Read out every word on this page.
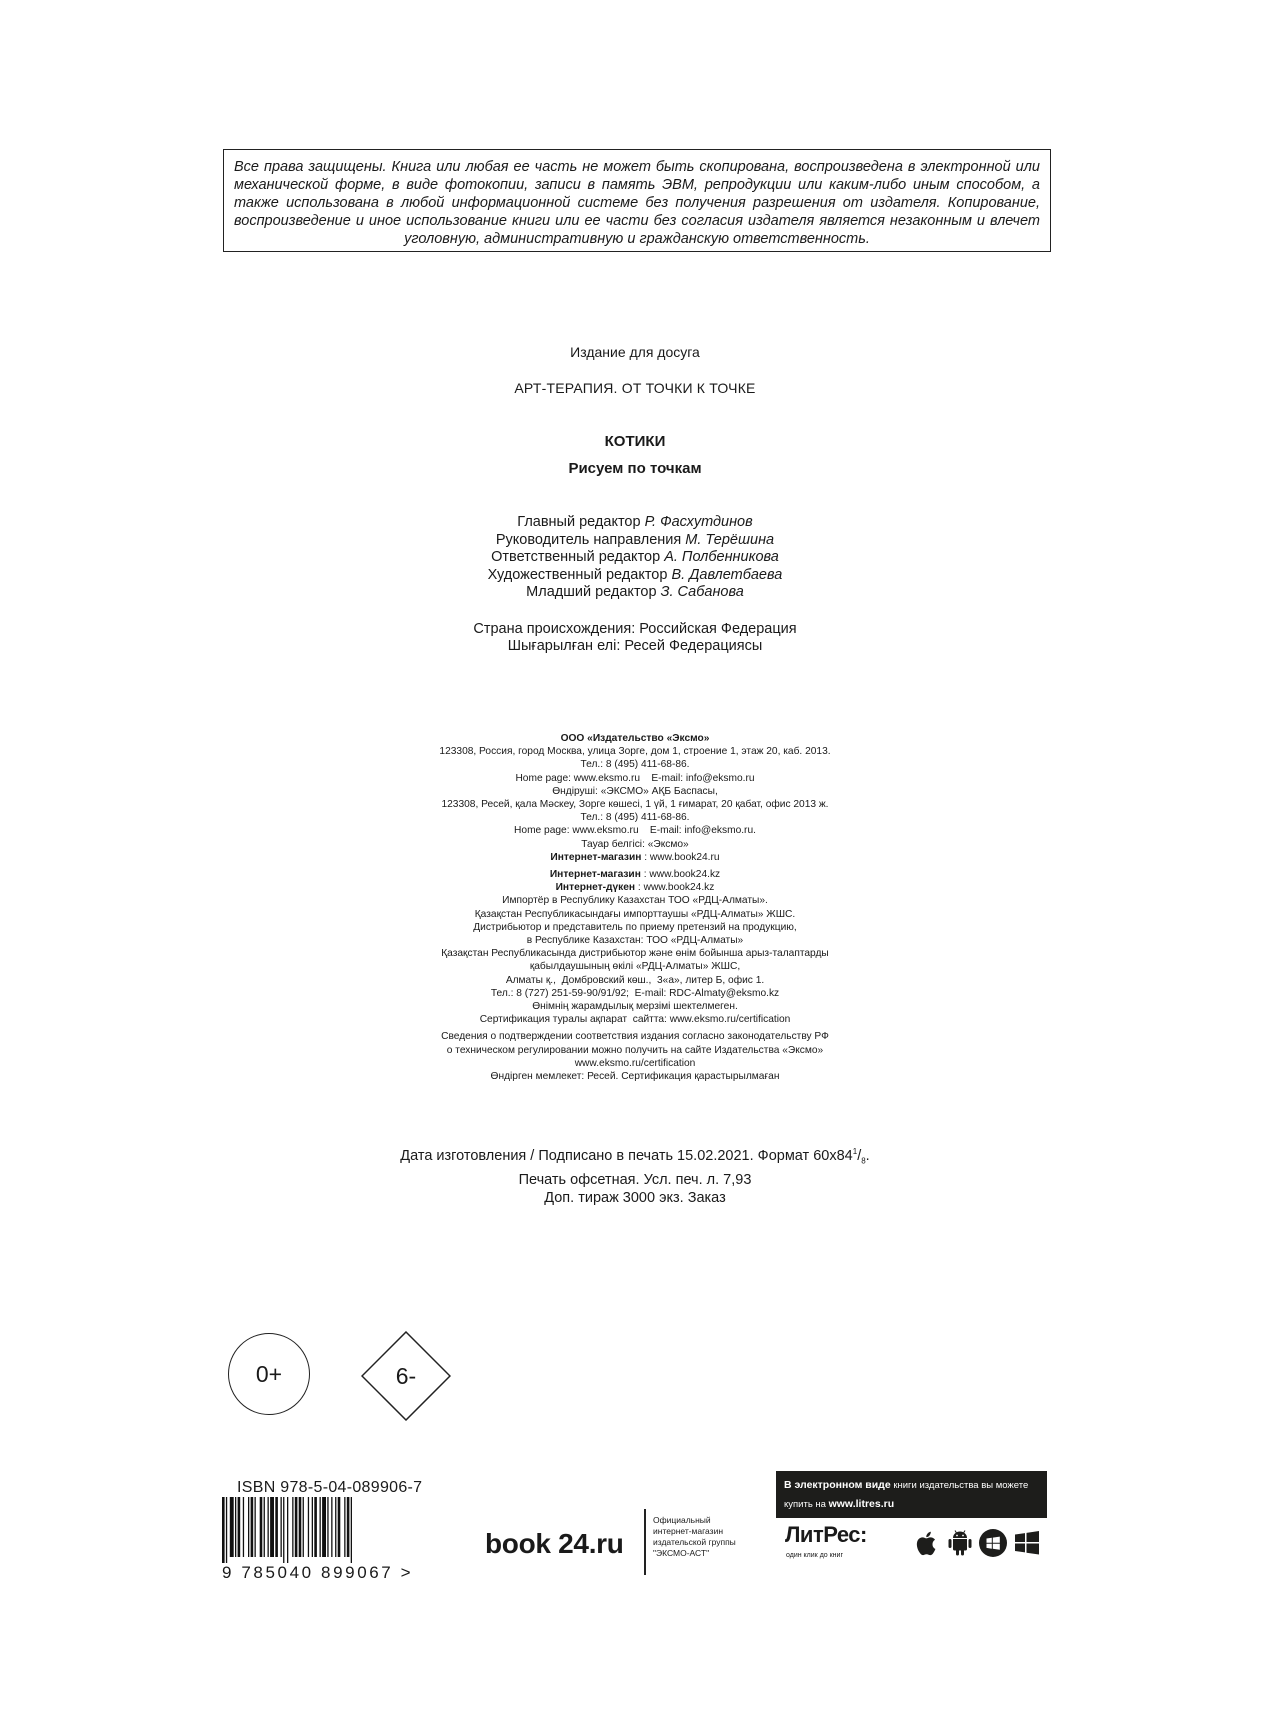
Все права защищены. Книга или любая ее часть не может быть скопирована, воспроизведена в электронной или механической форме, в виде фотокопии, записи в память ЭВМ, репродукции или каким-либо иным способом, а также использована в любой информационной системе без получения разрешения от издателя. Копирование, воспроизведение и иное использование книги или ее части без согласия издателя является незаконным и влечет уголовную, административную и гражданскую ответственность.
Издание для досуга
АРТ-ТЕРАПИЯ. ОТ ТОЧКИ К ТОЧКЕ
КОТИКИ
Рисуем по точкам
Главный редактор Р. Фасхутдинов
Руководитель направления М. Терёшина
Ответственный редактор А. Полбенникова
Художественный редактор В. Давлетбаева
Младший редактор З. Сабанова
Страна происхождения: Российская Федерация
Шығарылған елі: Ресей Федерациясы
ООО «Издательство «Эксмо»
123308, Россия, город Москва, улица Зорге, дом 1, строение 1, этаж 20, каб. 2013.
Тел.: 8 (495) 411-68-86.
Home page: www.eksmo.ru    E-mail: info@eksmo.ru
Өндіруші: «ЭКСМО» АҚБ Баспасы,
123308, Ресей, қала Мәскеу, Зорге көшесі, 1 үй, 1 ғимарат, 20 қабат, офис 2013 ж.
Тел.: 8 (495) 411-68-86.
Home page: www.eksmo.ru    E-mail: info@eksmo.ru.
Тауар белгісі: «Эксмо»
Интернет-магазин : www.book24.ru
Интернет-магазин : www.book24.kz
Интернет-дүкен : www.book24.kz
Импортёр в Республику Казахстан ТОО «РДЦ-Алматы».
Қазақстан Республикасындағы импорттаушы «РДЦ-Алматы» ЖШС.
Дистрибьютор и представитель по приему претензий на продукцию,
в Республике Казахстан: ТОО «РДЦ-Алматы»
Қазақстан Республикасында дистрибьютор және өнім бойынша арыз-талаптарды
қабылдаушының өкілі «РДЦ-Алматы» ЖШС,
Алматы қ.,  Домбровский көш.,  3«а», литер Б, офис 1.
Тел.: 8 (727) 251-59-90/91/92;  E-mail: RDC-Almaty@eksmo.kz
Өнімнің жарамдылық мерзімі шектелмеген.
Сертификация туралы ақпарат  сайтта: www.eksmo.ru/certification
Сведения о подтверждении соответствия издания согласно законодательству РФ
о техническом регулировании можно получить на сайте Издательства «Эксмо»
www.eksmo.ru/certification
Өндірген мемлекет: Ресей. Сертификация қарастырылмаған
Дата изготовления / Подписано в печать 15.02.2021. Формат $60x84^1/_8$.
Печать офсетная. Усл. печ. л. 7,93
Доп. тираж 3000 экз. Заказ
0+	6-
ISBN 978-5-04-089906-7
9 785040 899067 >
book 24.ru
Официальный
интернет-магазин
издательской группы
"ЭКСМО-АСТ"
В электронном виде книги издательства вы можете
купить на www.litres.ru
ЛитРес:
один клик до книг
